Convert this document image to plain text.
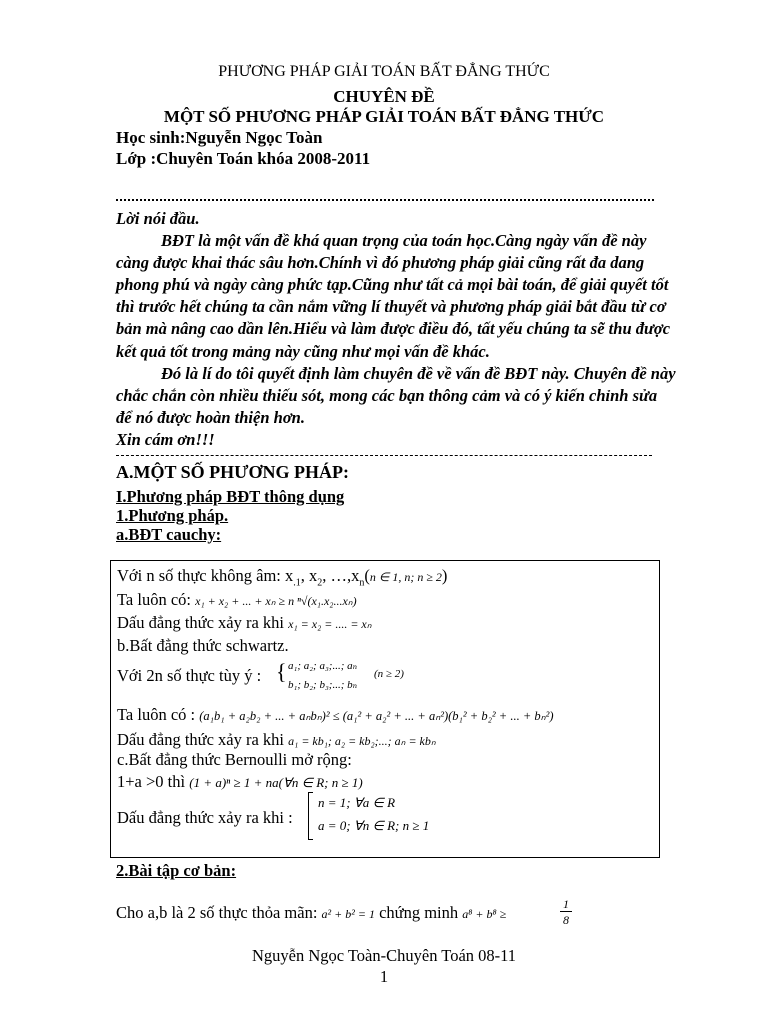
PHƯƠNG PHÁP GIẢI TOÁN BẤT ĐẲNG THỨC
CHUYÊN ĐỀ
MỘT SỐ PHƯƠNG PHÁP GIẢI TOÁN BẤT ĐẲNG THỨC
Học sinh:Nguyễn Ngọc Toàn
Lớp :Chuyên Toán khóa 2008-2011

Lời nói đầu.

BĐT là một vấn đề khá quan trọng của toán học.Càng ngày vấn đề này càng được khai thác sâu hơn.Chính vì đó phương pháp giải cũng rất đa dang phong phú và ngày càng phức tạp.Cũng như tất cả mọi bài toán, để giải quyết tốt thì trước hết chúng ta cần nắm vững lí thuyết và phương pháp giải bắt đầu từ cơ bản mà nâng cao dần lên.Hiểu và làm được điều đó, tất yếu chúng ta sẽ thu được kết quả tốt trong mảng này cũng như mọi vấn đề khác.

Đó là lí do tôi quyết định làm chuyên đề về vấn đề BĐT này. Chuyên đề này chắc chắn còn nhiều thiếu sót, mong các bạn thông cảm và có ý kiến chỉnh sửa để nó được hoàn thiện hơn.

Xin cám ơn!!!

A.MỘT SỐ PHƯƠNG PHÁP:
I.Phương pháp BĐT thông dụng
1.Phương pháp.
a.BĐT cauchy:
Với n số thực không âm: $x_{.1}$, $x_2$, $\dots,x_n(n$ ∈ 1, n; n ≥ 2)
Ta luôn có: x₁ + x₂ + ... + xₙ ≥ n ⁿ√(x₁.x₂...xₙ)
Dấu đẳng thức xảy ra khi x₁ = x₂ = .... = xₙ
b.Bất đẳng thức schwartz.
Với 2n số thực tùy ý : { a₁; a₂; a₃;...; aₙ
b₁; b₂; b₃;...; bₙ
(n ≥ 2)
Ta luôn có : (a₁b₁ + a₂b₂ + ... + aₙbₙ)² ≤ (a₁² + a₂² + ... + aₙ²)(b₁² + b₂² + ... + bₙ²)
Dấu đẳng thức xảy ra khi a₁ = kb₁; a₂ = kb₂;...; aₙ = kbₙ
c.Bất đẳng thức Bernoulli mở rộng:
1+a >0 thì (1 + a)ⁿ ≥ 1 + na(∀n ∈ R; n ≥ 1)
Dấu đẳng thức xảy ra khi :
n = 1; ∀a ∈ R
a = 0; ∀n ∈ R; n ≥ 1
2.Bài tập cơ bản:
Cho a,b là 2 số thực thỏa mãn: a² + b² = 1 chứng minh a⁸ + b⁸ ≥
1
8
Nguyễn Ngọc Toàn-Chuyên Toán 08-11
1
